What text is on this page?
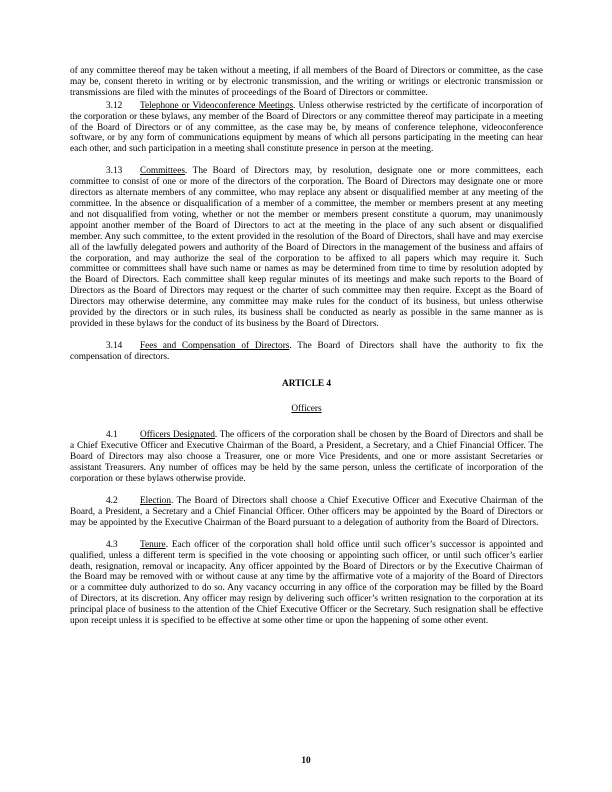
of any committee thereof may be taken without a meeting, if all members of the Board of Directors or committee, as the case may be, consent thereto in writing or by electronic transmission, and the writing or writings or electronic transmission or transmissions are filed with the minutes of proceedings of the Board of Directors or committee.

3.12 Telephone or Videoconference Meetings. Unless otherwise restricted by the certificate of incorporation of the corporation or these bylaws, any member of the Board of Directors or any committee thereof may participate in a meeting of the Board of Directors or of any committee, as the case may be, by means of conference telephone, videoconference software, or by any form of communications equipment by means of which all persons participating in the meeting can hear each other, and such participation in a meeting shall constitute presence in person at the meeting.

3.13 Committees. The Board of Directors may, by resolution, designate one or more committees, each committee to consist of one or more of the directors of the corporation. The Board of Directors may designate one or more directors as alternate members of any committee, who may replace any absent or disqualified member at any meeting of the committee. In the absence or disqualification of a member of a committee, the member or members present at any meeting and not disqualified from voting, whether or not the member or members present constitute a quorum, may unanimously appoint another member of the Board of Directors to act at the meeting in the place of any such absent or disqualified member. Any such committee, to the extent provided in the resolution of the Board of Directors, shall have and may exercise all of the lawfully delegated powers and authority of the Board of Directors in the management of the business and affairs of the corporation, and may authorize the seal of the corporation to be affixed to all papers which may require it. Such committee or committees shall have such name or names as may be determined from time to time by resolution adopted by the Board of Directors. Each committee shall keep regular minutes of its meetings and make such reports to the Board of Directors as the Board of Directors may request or the charter of such committee may then require. Except as the Board of Directors may otherwise determine, any committee may make rules for the conduct of its business, but unless otherwise provided by the directors or in such rules, its business shall be conducted as nearly as possible in the same manner as is provided in these bylaws for the conduct of its business by the Board of Directors.

3.14 Fees and Compensation of Directors. The Board of Directors shall have the authority to fix the compensation of directors.

ARTICLE 4

Officers

4.1 Officers Designated. The officers of the corporation shall be chosen by the Board of Directors and shall be a Chief Executive Officer and Executive Chairman of the Board, a President, a Secretary, and a Chief Financial Officer. The Board of Directors may also choose a Treasurer, one or more Vice Presidents, and one or more assistant Secretaries or assistant Treasurers. Any number of offices may be held by the same person, unless the certificate of incorporation of the corporation or these bylaws otherwise provide.

4.2 Election. The Board of Directors shall choose a Chief Executive Officer and Executive Chairman of the Board, a President, a Secretary and a Chief Financial Officer. Other officers may be appointed by the Board of Directors or may be appointed by the Executive Chairman of the Board pursuant to a delegation of authority from the Board of Directors.

4.3 Tenure. Each officer of the corporation shall hold office until such officer’s successor is appointed and qualified, unless a different term is specified in the vote choosing or appointing such officer, or until such officer’s earlier death, resignation, removal or incapacity. Any officer appointed by the Board of Directors or by the Executive Chairman of the Board may be removed with or without cause at any time by the affirmative vote of a majority of the Board of Directors or a committee duly authorized to do so. Any vacancy occurring in any office of the corporation may be filled by the Board of Directors, at its discretion. Any officer may resign by delivering such officer’s written resignation to the corporation at its principal place of business to the attention of the Chief Executive Officer or the Secretary. Such resignation shall be effective upon receipt unless it is specified to be effective at some other time or upon the happening of some other event.

10
